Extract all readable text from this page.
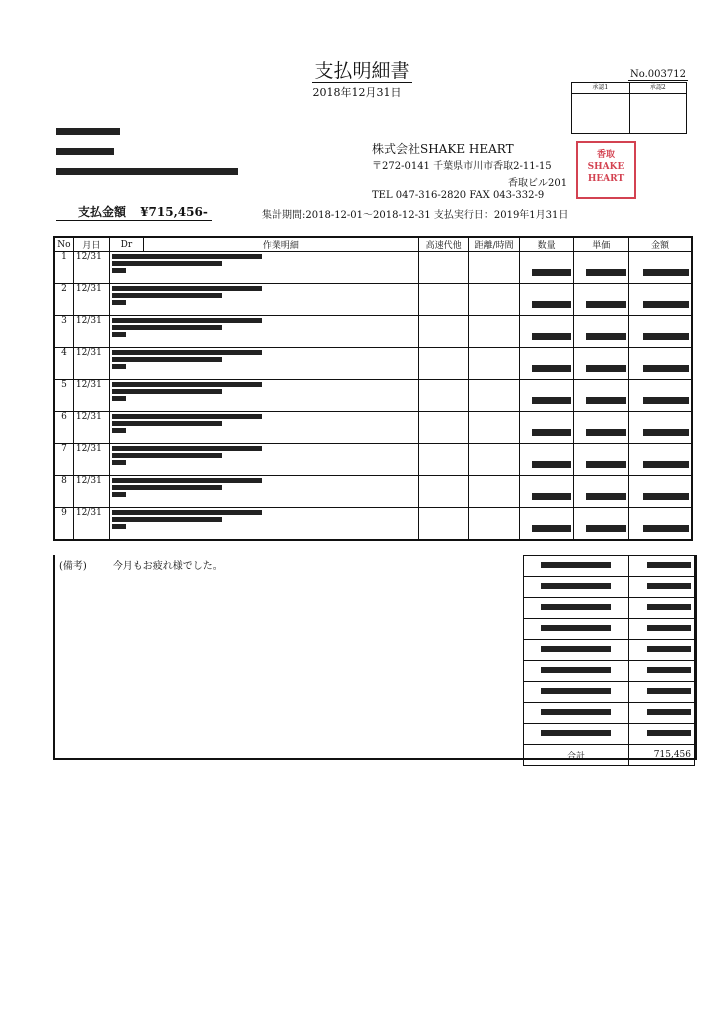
支払明細書
2018年12月31日
No.003712
承認1	承認2
株式会社SHAKE HEART
〒272-0141 千葉県市川市香取2-11-15
香取ビル201
TEL 047-316-2820 FAX 043-332-9
香取
SHAKE
HEART
支払金額 ¥715,456-	集計期間:2018-12-01～2018-12-31 支払実行日：2019年1月31日
No	月日	Dr	作業明細	高速代他	距離/時間	数量	単価	金額
1	12/31		

2	12/31		

3	12/31		

4	12/31		

5	12/31		

6	12/31		

7	12/31		

8	12/31		

9	12/31		

(備考)	今月もお疲れ様でした。

合計	715,456
